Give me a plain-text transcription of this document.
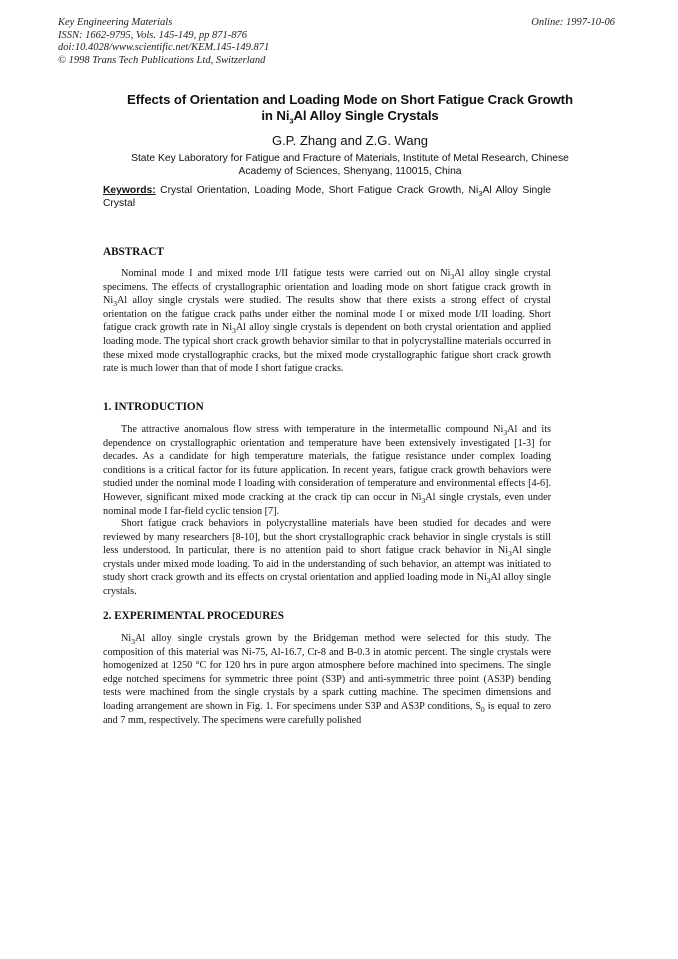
Key Engineering Materials
ISSN: 1662-9795, Vols. 145-149, pp 871-876
doi:10.4028/www.scientific.net/KEM.145-149.871
© 1998 Trans Tech Publications Ltd, Switzerland
Online: 1997-10-06
Effects of Orientation and Loading Mode on Short Fatigue Crack Growth
in $Ni_3Al$ Alloy Single Crystals
G.P. Zhang and Z.G. Wang
State Key Laboratory for Fatigue and Fracture of Materials, Institute of Metal Research, Chinese
Academy of Sciences, Shenyang, 110015, China
Keywords: Crystal Orientation, Loading Mode, Short Fatigue Crack Growth, $Ni_3Al$ Alloy Single Crystal
ABSTRACT
Nominal mode I and mixed mode I/II fatigue tests were carried out on $Ni_3Al$ alloy single crystal specimens. The effects of crystallographic orientation and loading mode on short fatigue crack growth in $Ni_3Al$ alloy single crystals were studied. The results show that there exists a strong effect of crystal orientation on the fatigue crack paths under either the nominal mode I or mixed mode I/II loading. Short fatigue crack growth rate in $Ni_3Al$ alloy single crystals is dependent on both crystal orientation and applied loading mode. The typical short crack growth behavior similar to that in polycrystalline materials occurred in these mixed mode crystallographic cracks, but the mixed mode crystallographic fatigue short crack growth rate is much lower than that of mode I short fatigue cracks.
1. INTRODUCTION
The attractive anomalous flow stress with temperature in the intermetallic compound $Ni_3Al$ and its dependence on crystallographic orientation and temperature have been extensively investigated [1-3] for decades. As a candidate for high temperature materials, the fatigue resistance under complex loading conditions is a critical factor for its future application. In recent years, fatigue crack growth behaviors were studied under the nominal mode I loading with consideration of temperature and environmental effects [4-6]. However, significant mixed mode cracking at the crack tip can occur in $Ni_3Al$ single crystals, even under nominal mode I far-field cyclic tension [7].
Short fatigue crack behaviors in polycrystalline materials have been studied for decades and were reviewed by many researchers [8-10], but the short crystallographic crack behavior in single crystals is still less understood. In particular, there is no attention paid to short fatigue crack behavior in $Ni_3Al$ single crystals under mixed mode loading. To aid in the understanding of such behavior, an attempt was initiated to study short crack growth and its effects on crystal orientation and applied loading mode in $Ni_3Al$ alloy single crystals.
2. EXPERIMENTAL PROCEDURES
$Ni_3Al$ alloy single crystals grown by the Bridgeman method were selected for this study. The composition of this material was Ni-75, Al-16.7, Cr-8 and B-0.3 in atomic percent. The single crystals were homogenized at 1250 °C for 120 hrs in pure argon atmosphere before machined into specimens. The single edge notched specimens for symmetric three point (S3P) and anti-symmetric three point (AS3P) bending tests were machined from the single crystals by a spark cutting machine. The specimen dimensions and loading arrangement are shown in Fig. 1. For specimens under S3P and AS3P conditions, $S_0$ is equal to zero and 7 mm, respectively. The specimens were carefully polished
